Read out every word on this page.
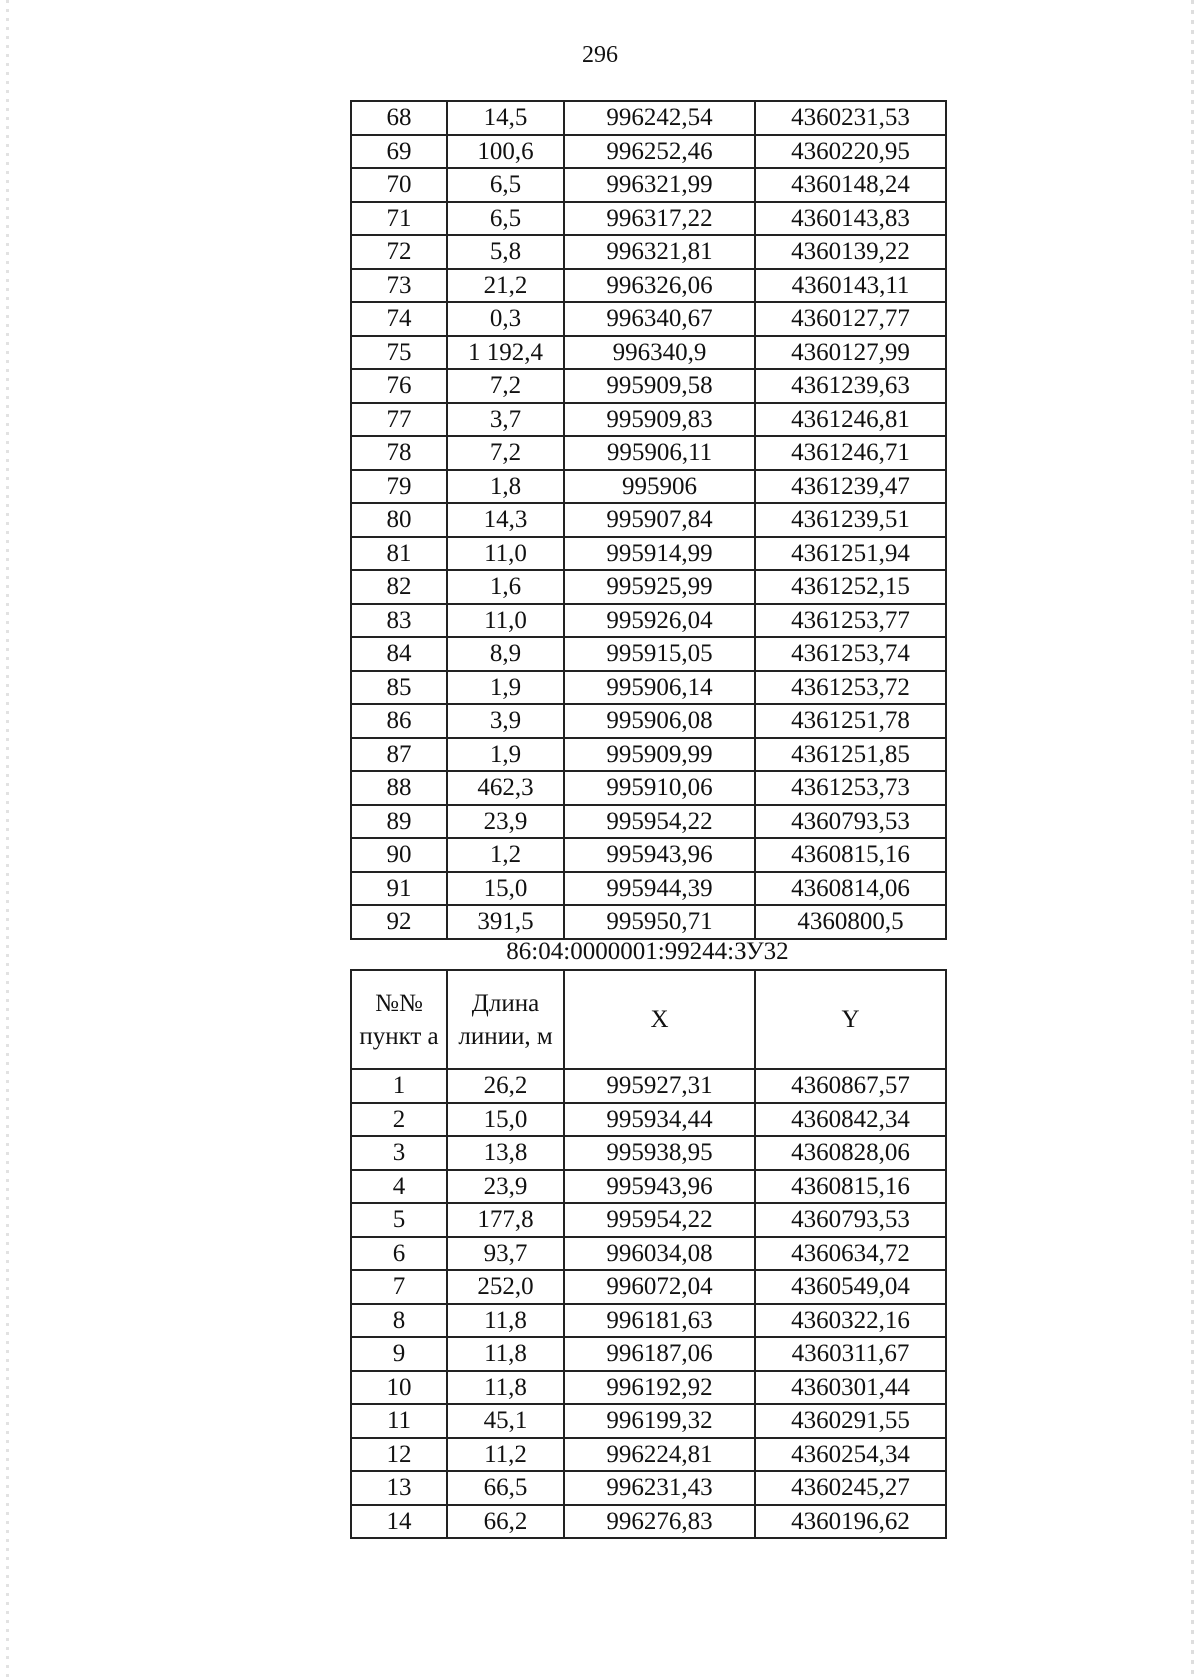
296
68	14,5	996242,54	4360231,53
69	100,6	996252,46	4360220,95
70	6,5	996321,99	4360148,24
71	6,5	996317,22	4360143,83
72	5,8	996321,81	4360139,22
73	21,2	996326,06	4360143,11
74	0,3	996340,67	4360127,77
75	1 192,4	996340,9	4360127,99
76	7,2	995909,58	4361239,63
77	3,7	995909,83	4361246,81
78	7,2	995906,11	4361246,71
79	1,8	995906	4361239,47
80	14,3	995907,84	4361239,51
81	11,0	995914,99	4361251,94
82	1,6	995925,99	4361252,15
83	11,0	995926,04	4361253,77
84	8,9	995915,05	4361253,74
85	1,9	995906,14	4361253,72
86	3,9	995906,08	4361251,78
87	1,9	995909,99	4361251,85
88	462,3	995910,06	4361253,73
89	23,9	995954,22	4360793,53
90	1,2	995943,96	4360815,16
91	15,0	995944,39	4360814,06
92	391,5	995950,71	4360800,5
86:04:0000001:99244:ЗУ32
№№ пункт а	Длина линии, м	X	Y
1	26,2	995927,31	4360867,57
2	15,0	995934,44	4360842,34
3	13,8	995938,95	4360828,06
4	23,9	995943,96	4360815,16
5	177,8	995954,22	4360793,53
6	93,7	996034,08	4360634,72
7	252,0	996072,04	4360549,04
8	11,8	996181,63	4360322,16
9	11,8	996187,06	4360311,67
10	11,8	996192,92	4360301,44
11	45,1	996199,32	4360291,55
12	11,2	996224,81	4360254,34
13	66,5	996231,43	4360245,27
14	66,2	996276,83	4360196,62
